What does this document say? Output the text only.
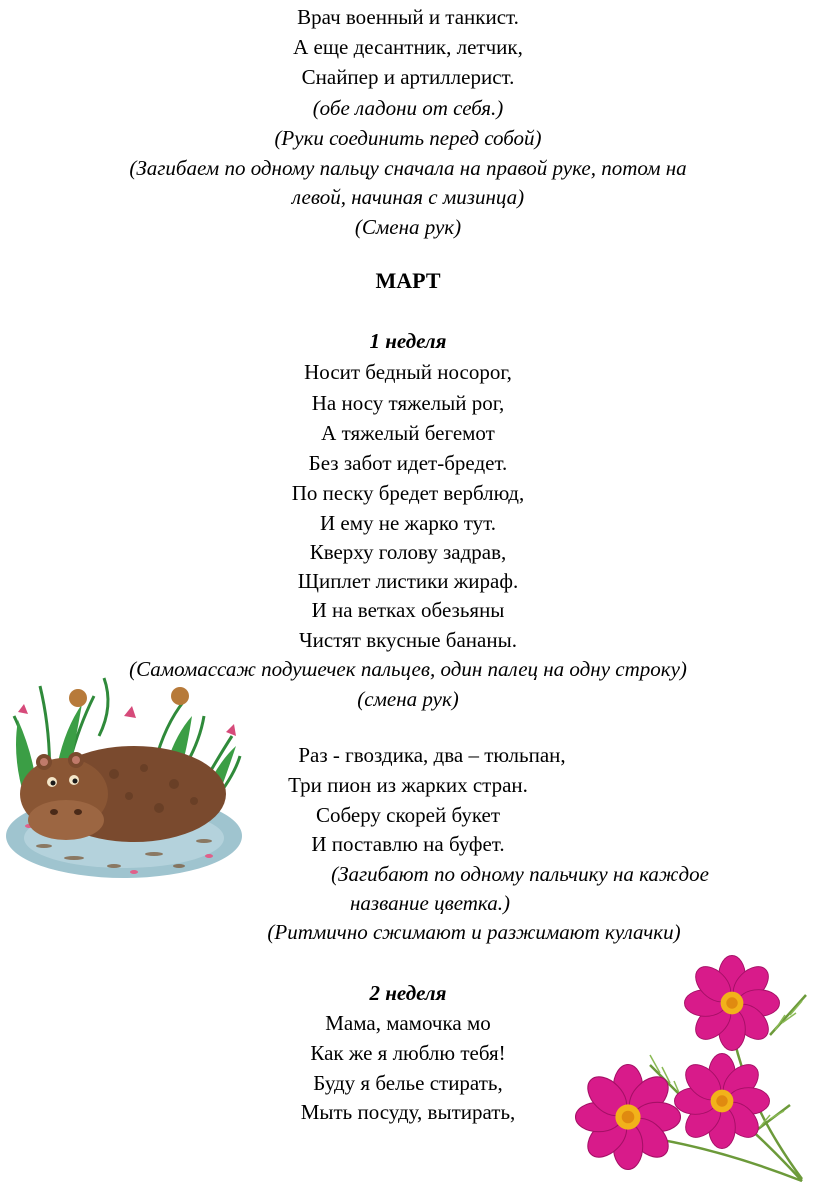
Врач военный и танкист.
А еще десантник, летчик,
Снайпер и артиллерист.
(обе ладони от себя.)
(Руки соединить перед собой)
(Загибаем по одному пальцу сначала на правой руке, потом на
левой, начиная с мизинца)
(Смена рук)
МАРТ
1 неделя
Носит бедный носорог,
На носу тяжелый рог,
А тяжелый бегемот
Без забот идет-бредет.
По песку бредет верблюд,
И ему не жарко тут.
Кверху голову задрав,
Щиплет листики жираф.
И на ветках обезьяны
Чистят вкусные бананы.
(Самомассаж подушечек пальцев, один палец на одну строку)
(смена рук)
Раз - гвоздика, два – тюльпан,
Три пион из жарких стран.
Соберу скорей букет
И поставлю на буфет.
(Загибают по одному пальчику на каждое
название цветка.)
(Ритмично сжимают и разжимают кулачки)
2 неделя
Мама, мамочка мо
Как же я люблю тебя!
Буду я белье стирать,
Мыть посуду, вытирать,
